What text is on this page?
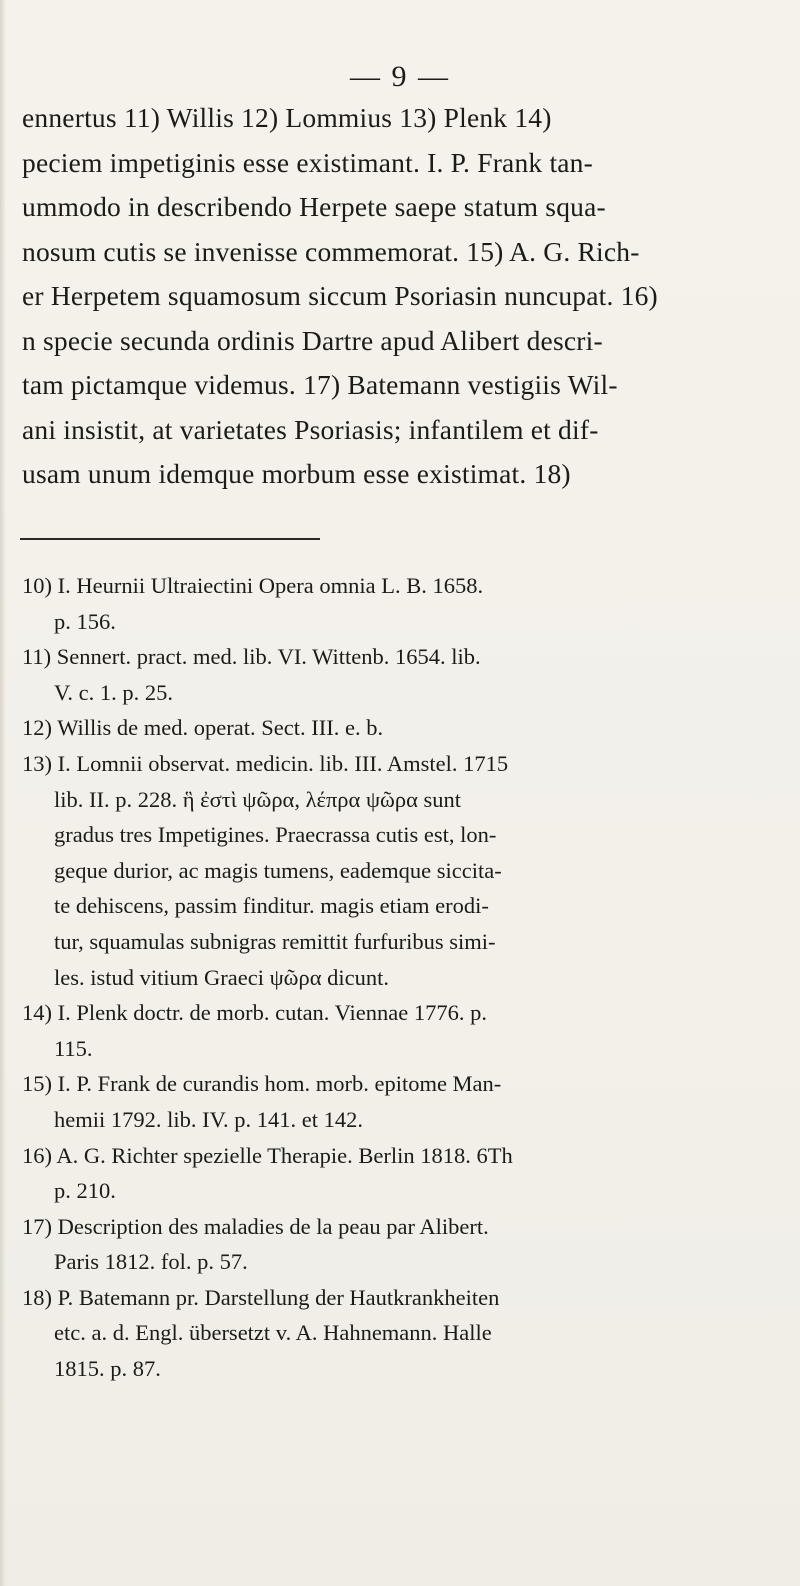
— 9 —
ennertus 11) Willis 12) Lommius 13) Plenk 14)
peciem impetiginis esse existimant. I. P. Frank tan-
ummodo in describendo Herpete saepe statum squa-
nosum cutis se invenisse commemorat. 15) A. G. Rich-
er Herpetem squamosum siccum Psoriasin nuncupat. 16)
n specie secunda ordinis Dartre apud Alibert descri-
tam pictamque videmus. 17) Batemann vestigiis Wil-
ani insistit, at varietates Psoriasis; infantilem et dif-
usam unum idemque morbum esse existimat. 18)
10) I. Heurnii Ultraiectini Opera omnia L. B. 1658.
p. 156.
11) Sennert. pract. med. lib. VI. Wittenb. 1654. lib.
V. c. 1. p. 25.
12) Willis de med. operat. Sect. III. e. b.
13) I. Lomnii observat. medicin. lib. III. Amstel. 1715
lib. II. p. 228. ἣ ἐστὶ ψῶρα, λέπρα ψῶρα sunt
gradus tres Impetigines. Praecrassa cutis est, lon-
geque durior, ac magis tumens, eademque siccita-
te dehiscens, passim finditur. magis etiam erodi-
tur, squamulas subnigras remittit furfuribus simi-
les. istud vitium Graeci ψῶρα dicunt.
14) I. Plenk doctr. de morb. cutan. Viennae 1776. p.
115.
15) I. P. Frank de curandis hom. morb. epitome Man-
hemii 1792. lib. IV. p. 141. et 142.
16) A. G. Richter spezielle Therapie. Berlin 1818. 6Th
p. 210.
17) Description des maladies de la peau par Alibert.
Paris 1812. fol. p. 57.
18) P. Batemann pr. Darstellung der Hautkrankheiten
etc. a. d. Engl. übersetzt v. A. Hahnemann. Halle
1815. p. 87.
